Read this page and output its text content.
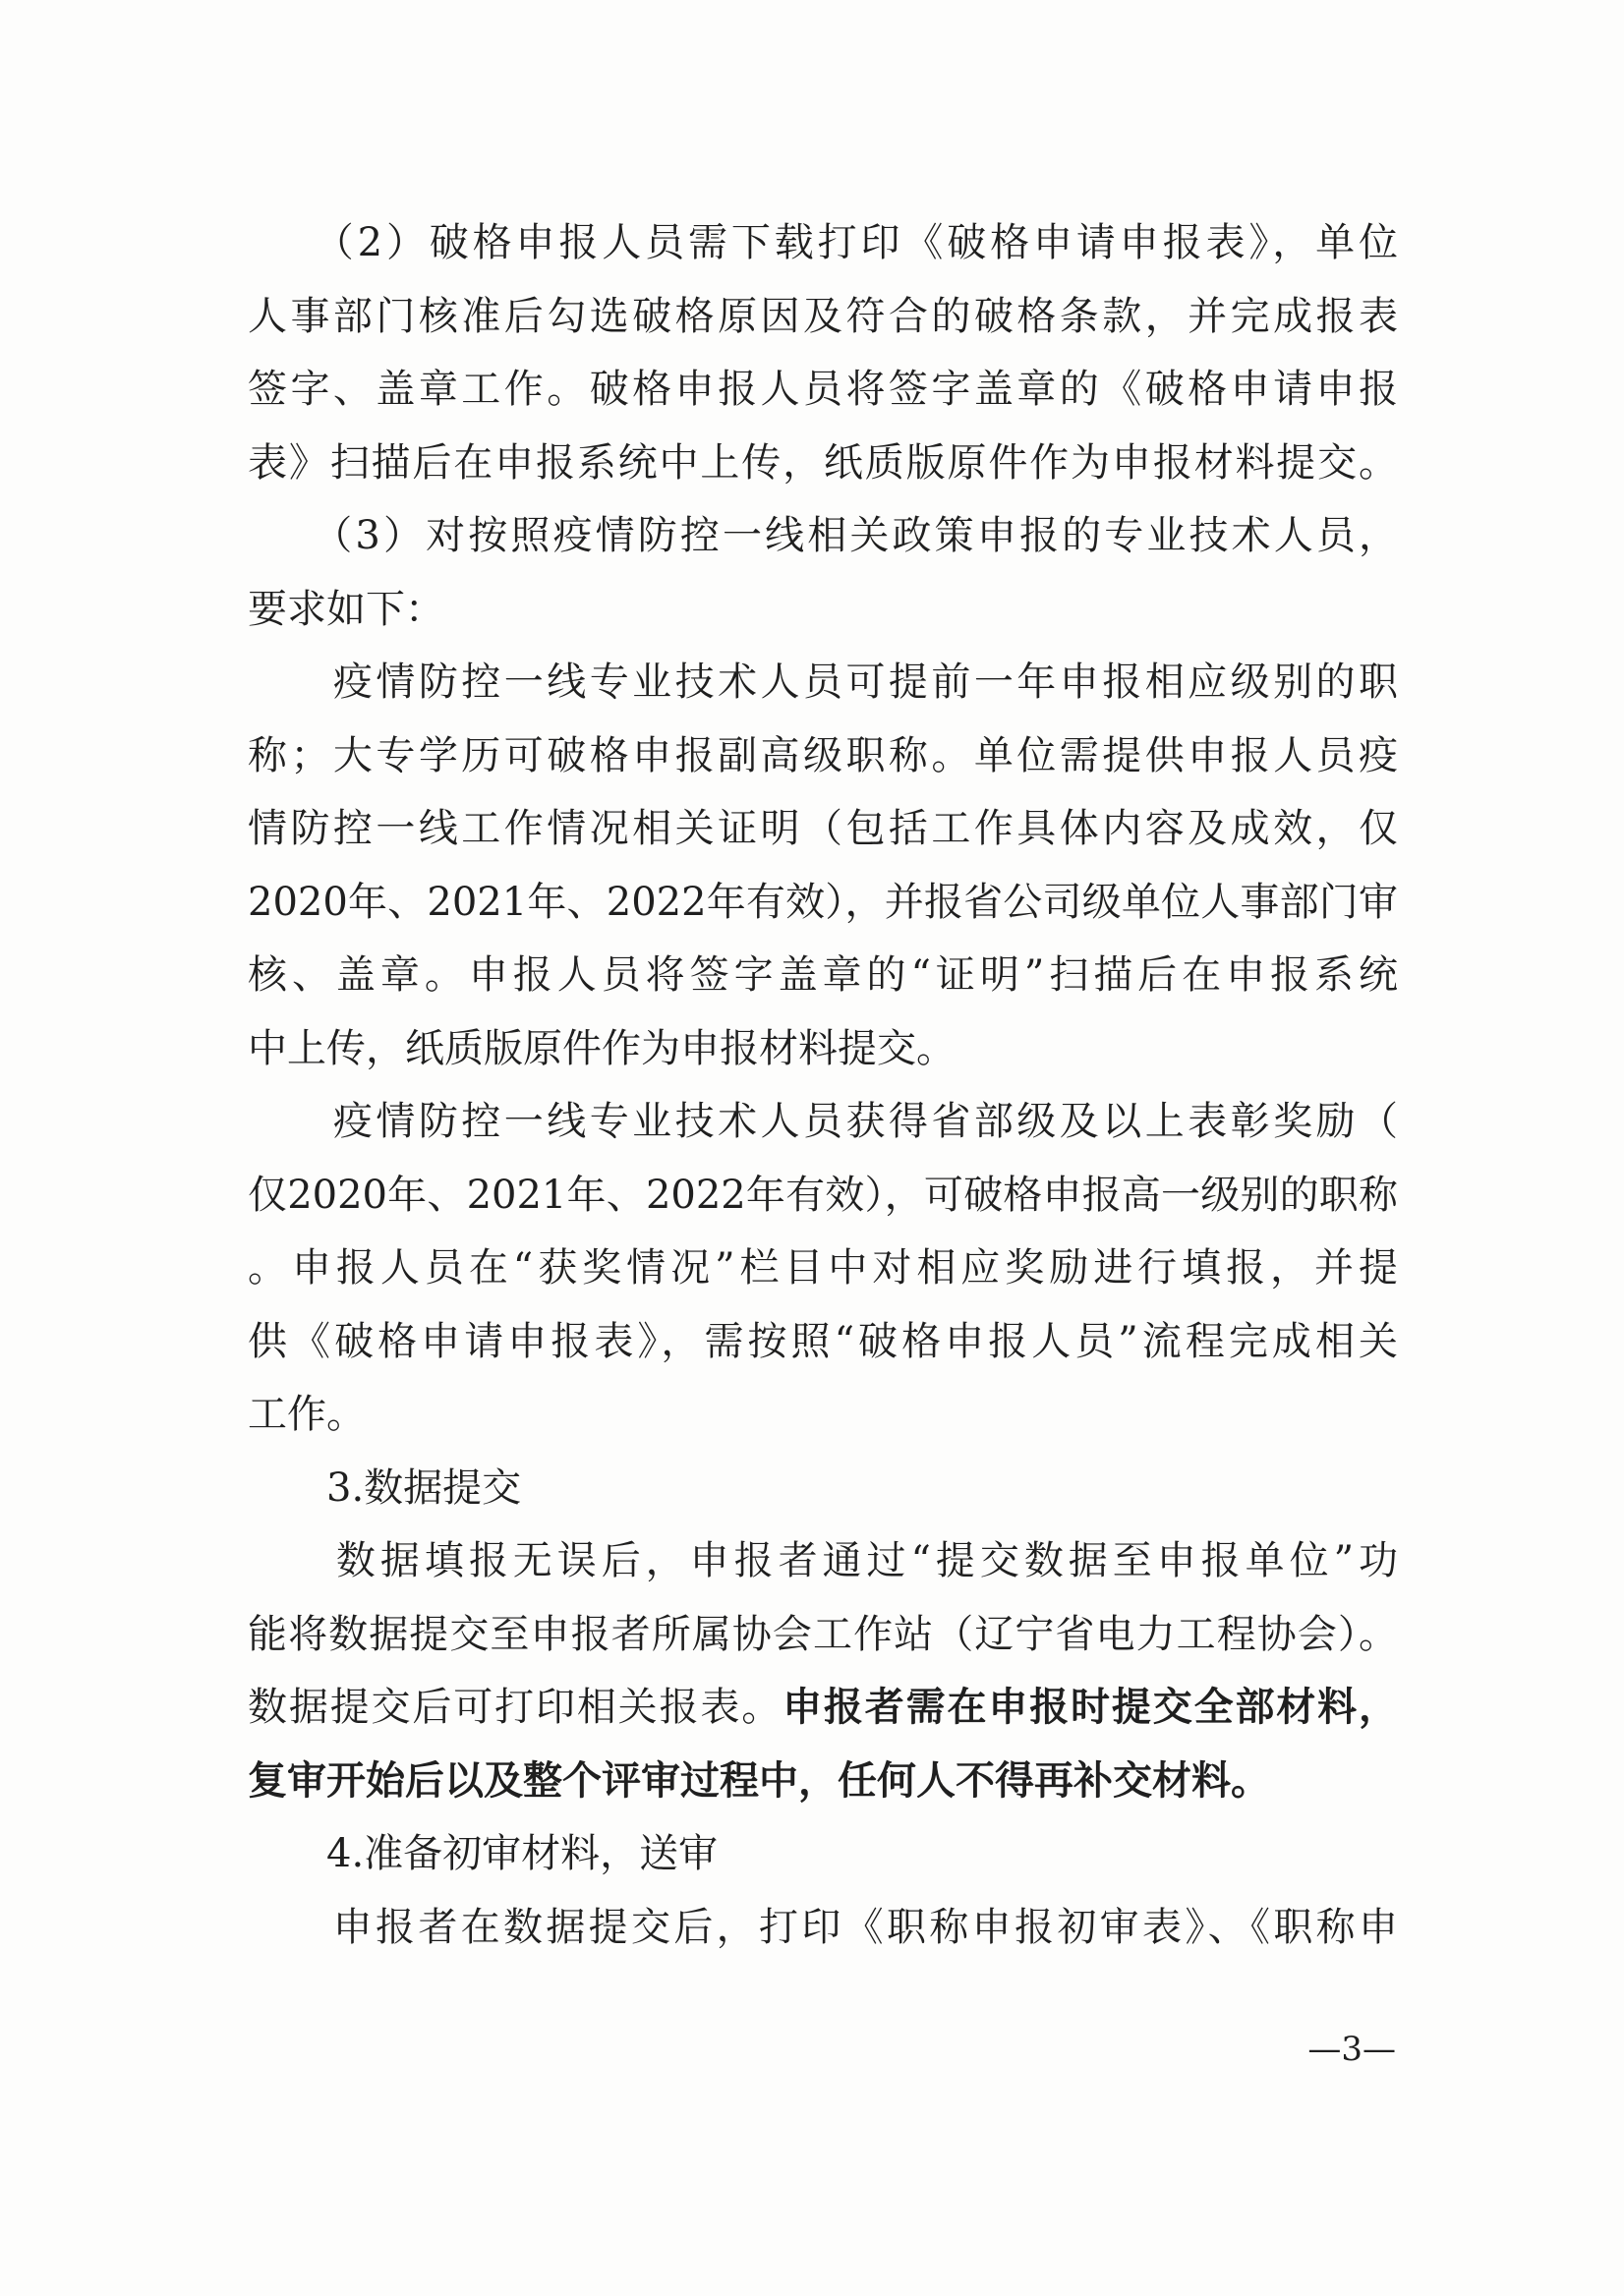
　　（2）破格申报人员需下载打印《破格申请申报表》，单位
人事部门核准后勾选破格原因及符合的破格条款，并完成报表
签字、盖章工作。破格申报人员将签字盖章的《破格申请申报
表》扫描后在申报系统中上传，纸质版原件作为申报材料提交。
　　（3）对按照疫情防控一线相关政策申报的专业技术人员，
要求如下：
　　疫情防控一线专业技术人员可提前一年申报相应级别的职
称；大专学历可破格申报副高级职称。单位需提供申报人员疫
情防控一线工作情况相关证明（包括工作具体内容及成效，仅
2020年、2021年、2022年有效），并报省公司级单位人事部门审
核、盖章。申报人员将签字盖章的“证明”扫描后在申报系统
中上传，纸质版原件作为申报材料提交。
　　疫情防控一线专业技术人员获得省部级及以上表彰奖励（
仅2020年、2021年、2022年有效），可破格申报高一级别的职称
。申报人员在“获奖情况”栏目中对相应奖励进行填报，并提
供《破格申请申报表》，需按照“破格申报人员”流程完成相关
工作。
　　3.数据提交
　　数据填报无误后，申报者通过“提交数据至申报单位”功
能将数据提交至申报者所属协会工作站（辽宁省电力工程协会）。
数据提交后可打印相关报表。申报者需在申报时提交全部材料，
复审开始后以及整个评审过程中，任何人不得再补交材料。
　　4.准备初审材料，送审
　　申报者在数据提交后，打印《职称申报初审表》、《职称申
—3—
